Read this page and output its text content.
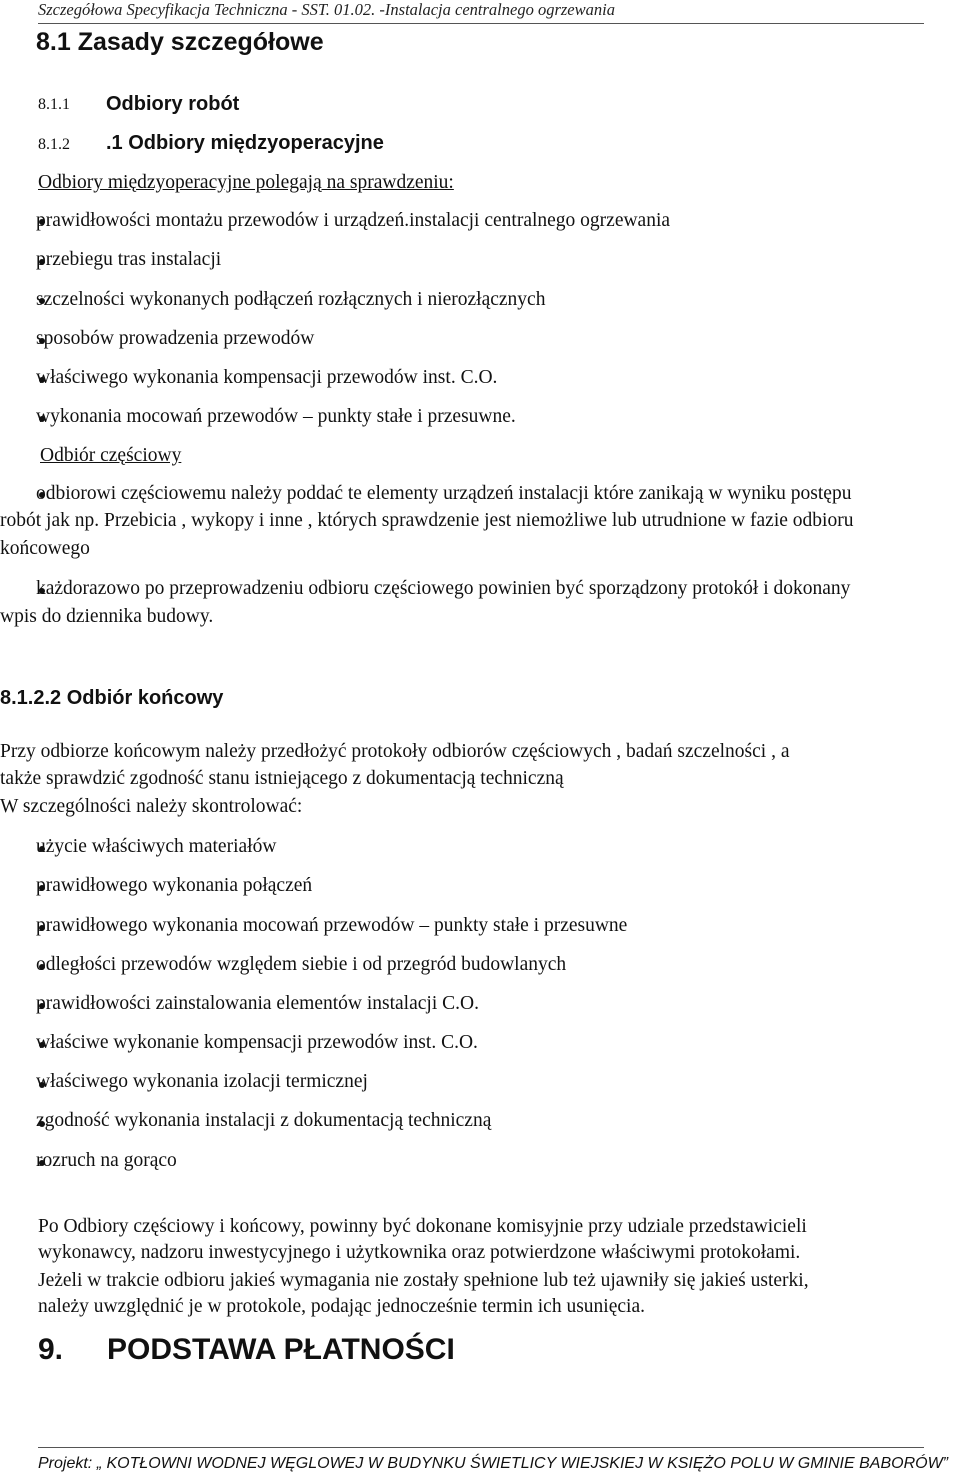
Szczegółowa Specyfikacja Techniczna - SST. 01.02. -Instalacja centralnego ogrzewania
8.1 Zasady szczegółowe
8.1.1 Odbiory robót
8.1.2 .1 Odbiory międzyoperacyjne
Odbiory międzyoperacyjne polegają na sprawdzeniu:
prawidłowości montażu przewodów i urządzeń.instalacji centralnego ogrzewania
przebiegu tras instalacji
szczelności wykonanych podłączeń rozłącznych i nierozłącznych
sposobów prowadzenia przewodów
właściwego wykonania kompensacji przewodów inst. C.O.
wykonania mocowań przewodów – punkty stałe i przesuwne.
Odbiór częściowy
odbiorowi częściowemu należy poddać te elementy urządzeń instalacji które zanikają w wyniku postępu
robót jak np. Przebicia , wykopy i inne , których sprawdzenie jest niemożliwe lub utrudnione w fazie odbioru
końcowego
każdorazowo po przeprowadzeniu odbioru częściowego powinien być sporządzony protokół i dokonany
wpis do dziennika budowy.
8.1.2.2 Odbiór końcowy
Przy odbiorze końcowym należy przedłożyć protokoły odbiorów częściowych , badań szczelności , a
także sprawdzić zgodność stanu istniejącego z dokumentacją techniczną
W szczególności należy skontrolować:
użycie właściwych materiałów
prawidłowego wykonania połączeń
prawidłowego wykonania mocowań przewodów – punkty stałe i przesuwne
odległości przewodów względem siebie i od przegród budowlanych
prawidłowości zainstalowania elementów instalacji C.O.
właściwe wykonanie kompensacji przewodów inst. C.O.
właściwego wykonania izolacji termicznej
zgodność wykonania instalacji z dokumentacją techniczną
rozruch na gorąco
Po Odbiory częściowy i końcowy, powinny być dokonane komisyjnie przy udziale przedstawicieli
wykonawcy, nadzoru inwestycyjnego i użytkownika oraz potwierdzone właściwymi protokołami.
Jeżeli w trakcie odbioru jakieś wymagania nie zostały spełnione lub też ujawniły się jakieś usterki,
należy uwzględnić je w protokole, podając jednocześnie termin ich usunięcia.
9. PODSTAWA PŁATNOŚCI
Projekt: „ KOTŁOWNI WODNEJ WĘGLOWEJ W BUDYNKU ŚWIETLICY WIEJSKIEJ W KSIĘŻO POLU W GMINIE BABORÓW”
